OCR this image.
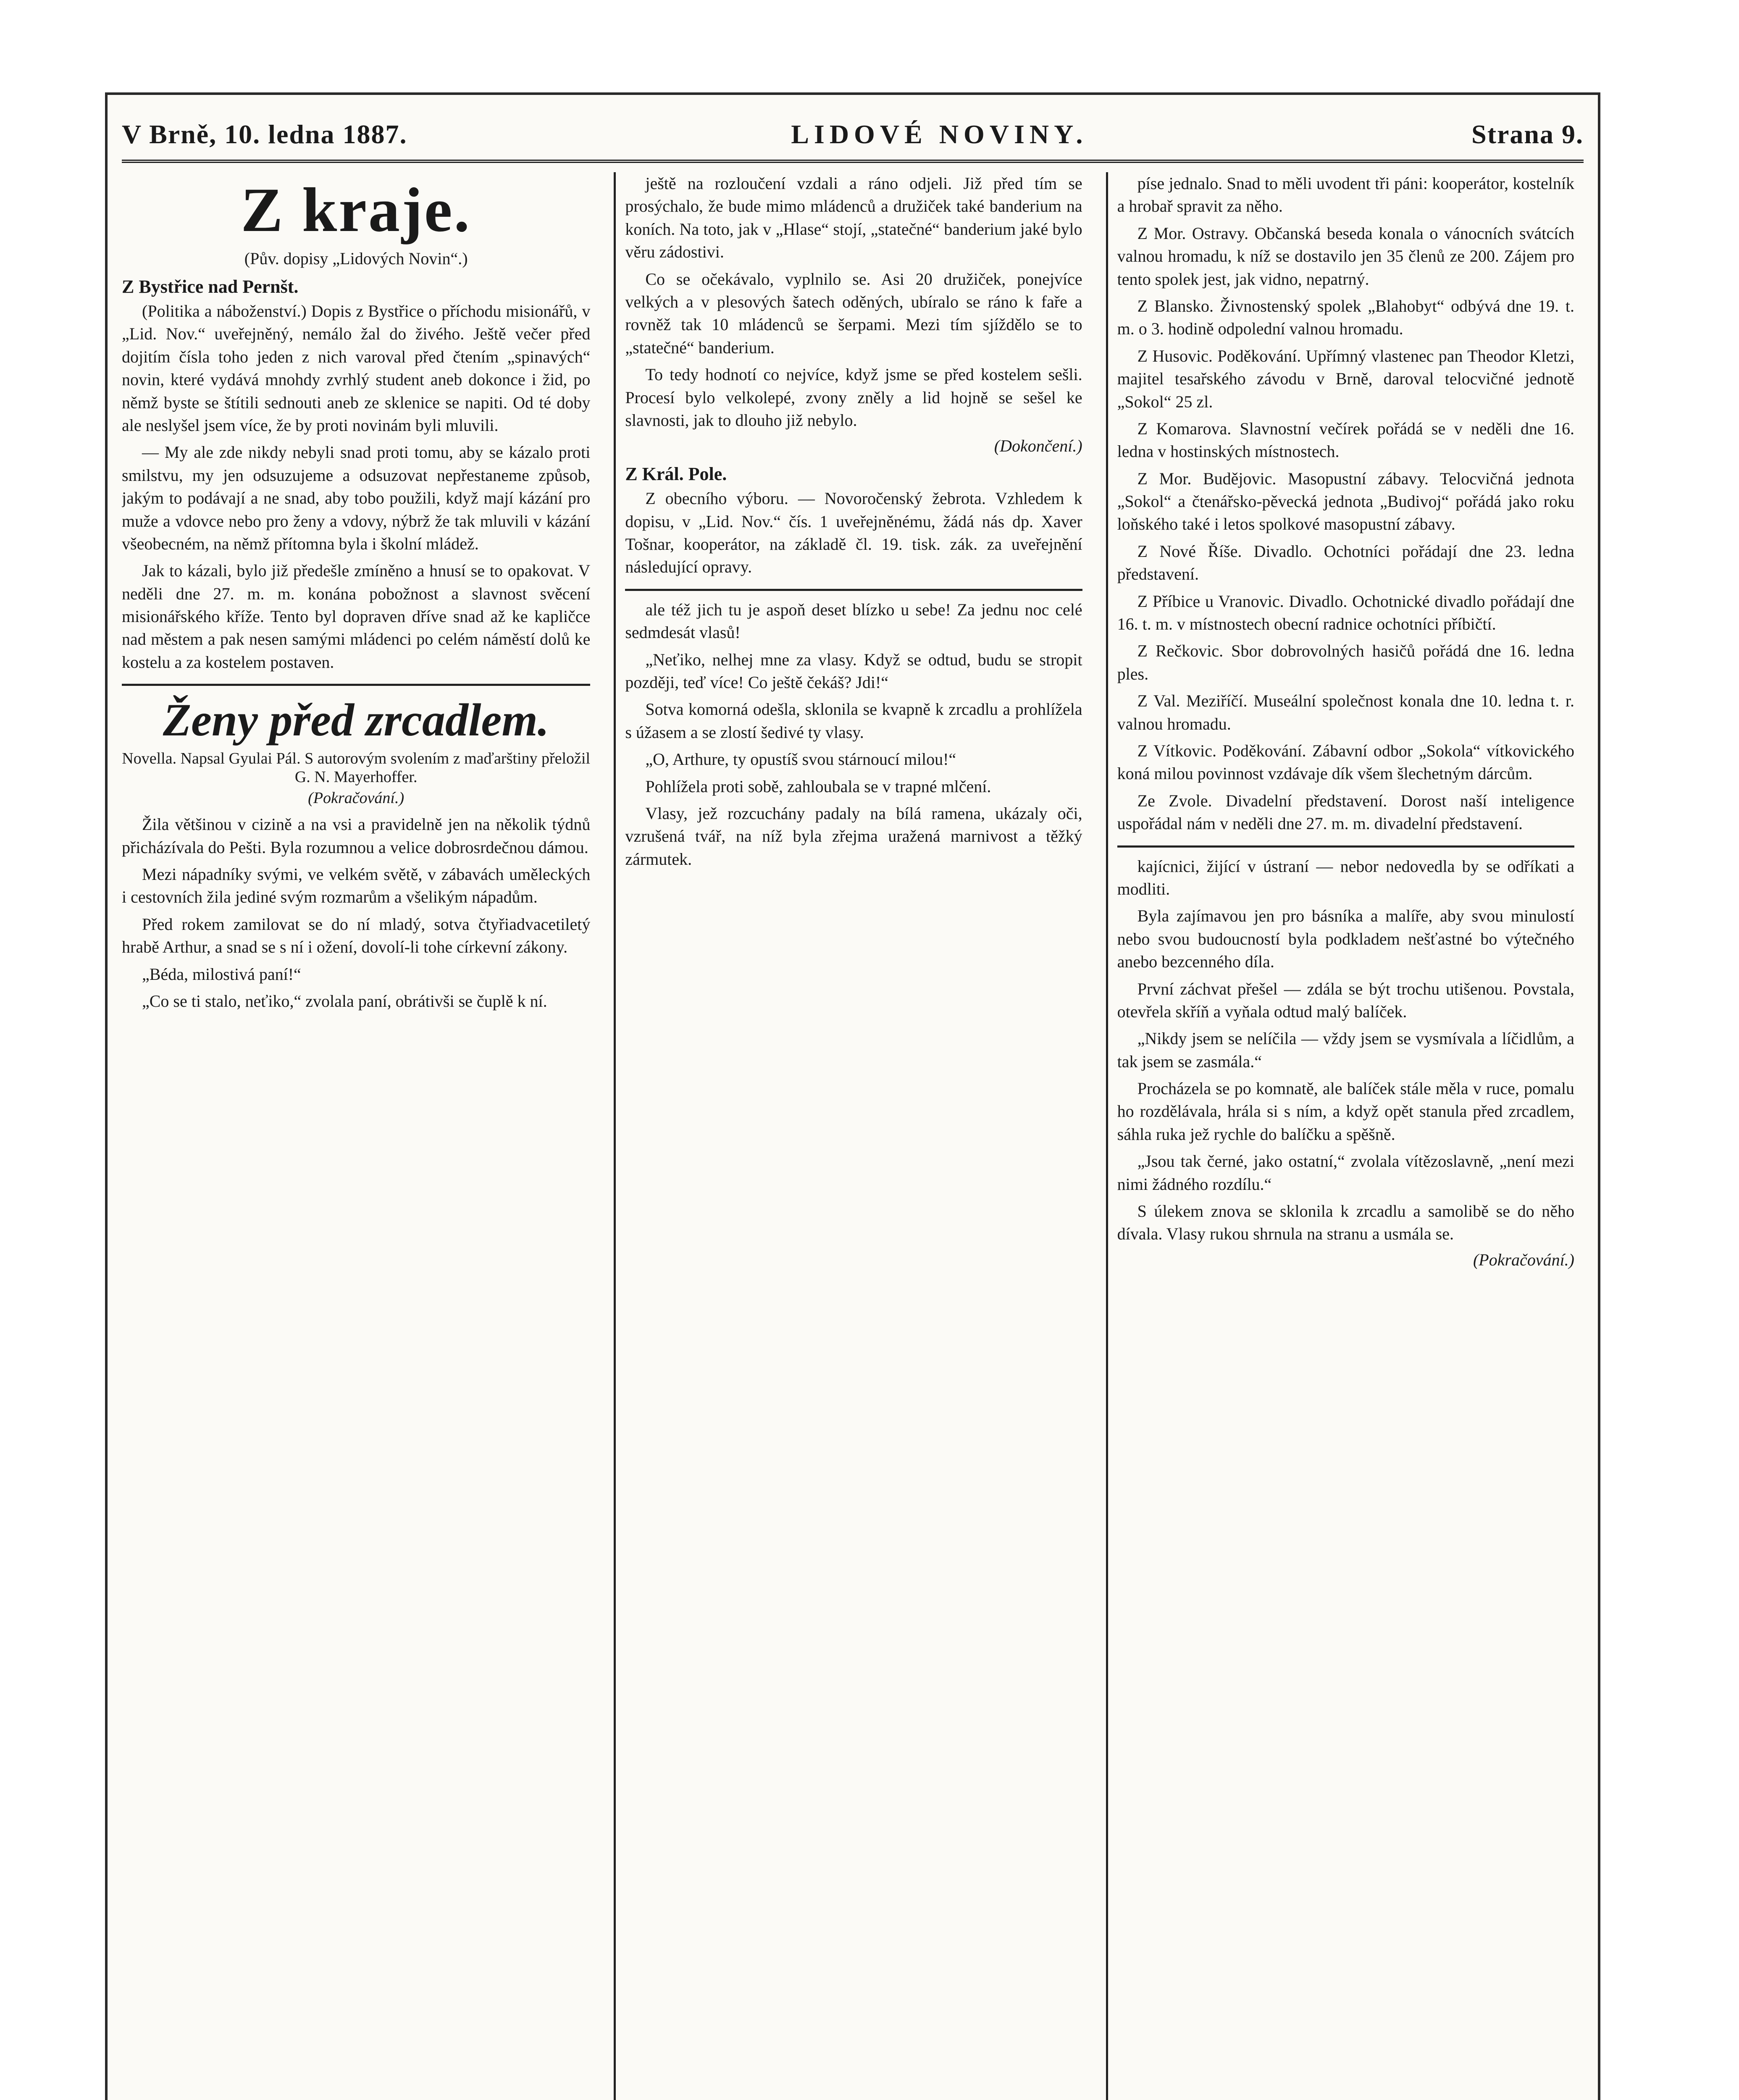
V Brně, 10. ledna 1887.	LIDOVÉ NOVINY.	Strana 9.
Z kraje.
(Pův. dopisy „Lidových Novin“.)
Z Bystřice nad Pernšt.

(Politika a náboženství.) Dopis z Bystřice o příchodu misionářů, v „Lid. Nov.“ uveřejněný, nemálo žal do živého. Ještě večer před dojitím čísla toho jeden z nich varoval před čtením „spinavých“ novin, které vydává mnohdy zvrhlý student aneb dokonce i žid, po němž byste se štítili sednouti aneb ze sklenice se napiti. Od té doby ale neslyšel jsem více, že by proti novinám byli mluvili.

— My ale zde nikdy nebyli snad proti tomu, aby se kázalo proti smilstvu, my jen odsuzujeme a odsuzovat nepřestaneme způsob, jakým to podávají a ne snad, aby tobo použili, když mají kázání pro muže a vdovce nebo pro ženy a vdovy, nýbrž že tak mluvili v kázání všeobecném, na němž přítomna byla i školní mládež.

Jak to kázali, bylo již předešle zmíněno a hnusí se to opakovat. V neděli dne 27. m. m. konána pobožnost a slavnost svěcení misionářského kříže. Tento byl dopraven dříve snad až ke kapličce nad městem a pak nesen samými mládenci po celém náměstí dolů ke kostelu a za kostelem postaven.

Ženy před zrcadlem.
Novella. Napsal Gyulai Pál. S autorovým svolením z maďarštiny přeložil G. N. Mayerhoffer.
(Pokračování.)

Žila většinou v cizině a na vsi a pravidelně jen na několik týdnů přicházívala do Pešti. Byla rozumnou a velice dobrosrdečnou dámou.

Mezi nápadníky svými, ve velkém světě, v zábavách uměleckých i cestovních žila jediné svým rozmarům a všelikým nápadům.

Před rokem zamilovat se do ní mladý, sotva čtyřiadvacetiletý hrabě Arthur, a snad se s ní i ožení, dovolí-li tohe církevní zákony.

„Béda, milostivá paní!“

„Co se ti stalo, neťiko,“ zvolala paní, obrátivši se čuplě k ní.

ještě na rozloučení vzdali a ráno odjeli. Již před tím se prosýchalo, že bude mimo mládenců a družiček také banderium na koních. Na toto, jak v „Hlase“ stojí, „statečné“ banderium jaké bylo věru zádostivi.

Co se očekávalo, vyplnilo se. Asi 20 družiček, ponejvíce velkých a v plesových šatech oděných, ubíralo se ráno k faře a rovněž tak 10 mládenců se šerpami. Mezi tím sjíždělo se to „statečné“ banderium.

To tedy hodnotí co nejvíce, když jsme se před kostelem sešli. Procesí bylo velkolepé, zvony zněly a lid hojně se sešel ke slavnosti, jak to dlouho již nebylo.

(Dokončení.)
Z Král. Pole.

Z obecního výboru. — Novoročenský žebrota. Vzhledem k dopisu, v „Lid. Nov.“ čís. 1 uveřejněnému, žádá nás dp. Xaver Tošnar, kooperátor, na základě čl. 19. tisk. zák. za uveřejnění následující opravy.

ale též jich tu je aspoň deset blízko u sebe! Za jednu noc celé sedmdesát vlasů!

„Neťiko, nelhej mne za vlasy. Když se odtud, budu se stropit později, teď více! Co ještě čekáš? Jdi!“

Sotva komorná odešla, sklonila se kvapně k zrcadlu a prohlížela s úžasem a se zlostí šedivé ty vlasy.

„O, Arthure, ty opustíš svou stárnoucí milou!“

Pohlížela proti sobě, zahloubala se v trapné mlčení.

Vlasy, jež rozcuchány padaly na bílá ramena, ukázaly oči, vzrušená tvář, na níž byla zřejma uražená marnivost a těžký zármutek.

píse jednalo. Snad to měli uvodent tři páni: kooperátor, kostelník a hrobař spravit za něho.

Z Mor. Ostravy. Občanská beseda konala o vánocních svátcích valnou hromadu, k níž se dostavilo jen 35 členů ze 200. Zájem pro tento spolek jest, jak vidno, nepatrný.

Z Blansko. Živnostenský spolek „Blahobyt“ odbývá dne 19. t. m. o 3. hodině odpolední valnou hromadu.

Z Husovic. Poděkování. Upřímný vlastenec pan Theodor Kletzi, majitel tesařského závodu v Brně, daroval telocvičné jednotě „Sokol“ 25 zl.

Z Komarova. Slavnostní večírek pořádá se v neděli dne 16. ledna v hostinských místnostech.

Z Mor. Budějovic. Masopustní zábavy. Telocvičná jednota „Sokol“ a čtenářsko-pěvecká jednota „Budivoj“ pořádá jako roku loňského také i letos spolkové masopustní zábavy.

Z Nové Říše. Divadlo. Ochotníci pořádají dne 23. ledna představení.

Z Příbice u Vranovic. Divadlo. Ochotnické divadlo pořádají dne 16. t. m. v místnostech obecní radnice ochotníci příbičtí.

Z Rečkovic. Sbor dobrovolných hasičů pořádá dne 16. ledna ples.

Z Val. Meziříčí. Museální společnost konala dne 10. ledna t. r. valnou hromadu.

Z Vítkovic. Poděkování. Zábavní odbor „Sokola“ vítkovického koná milou povinnost vzdávaje dík všem šlechetným dárcům.

Ze Zvole. Divadelní představení. Dorost naší inteligence uspořádal nám v neděli dne 27. m. m. divadelní představení.

kajícnici, žijící v ústraní — nebor nedovedla by se odříkati a modliti.

Byla zajímavou jen pro básníka a malíře, aby svou minulostí nebo svou budoucností byla podkladem nešťastné bo výtečného anebo bezcenného díla.

První záchvat přešel — zdála se být trochu utišenou. Povstala, otevřela skříň a vyňala odtud malý balíček.

„Nikdy jsem se nelíčila — vždy jsem se vysmívala a líčidlům, a tak jsem se zasmála.“

Procházela se po komnatě, ale balíček stále měla v ruce, pomalu ho rozdělávala, hrála si s ním, a když opět stanula před zrcadlem, sáhla ruka jež rychle do balíčku a spěšně.

„Jsou tak černé, jako ostatní,“ zvolala vítězoslavně, „není mezi nimi žádného rozdílu.“

S úlekem znova se sklonila k zrcadlu a samolibě se do něho dívala. Vlasy rukou shrnula na stranu a usmála se.

(Pokračování.)
